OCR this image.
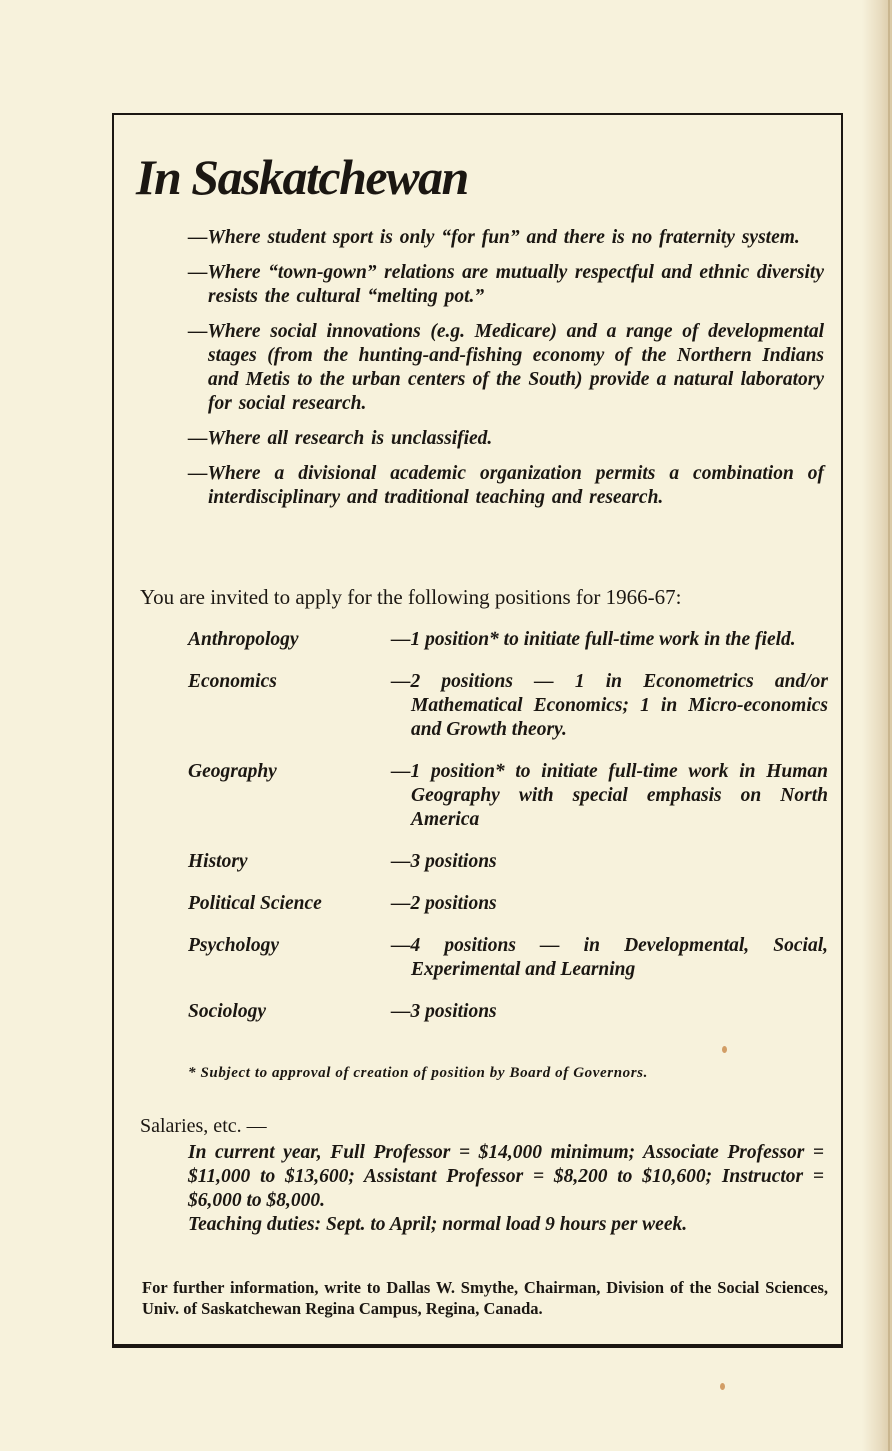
In Saskatchewan
—Where student sport is only “for fun” and there is no fraternity system.
—Where “town-gown” relations are mutually respectful and ethnic diversity resists the cultural “melting pot.”
—Where social innovations (e.g. Medicare) and a range of developmental stages (from the hunting-and-fishing economy of the Northern Indians and Metis to the urban centers of the South) provide a natural laboratory for social research.
—Where all research is unclassified.
—Where a divisional academic organization permits a combination of interdisciplinary and traditional teaching and research.
You are invited to apply for the following positions for 1966-67:
Anthropology	—1 position* to initiate full-time work in the field.
Economics	—2 positions — 1 in Econometrics and/or Mathematical Economics; 1 in Micro-economics and Growth theory.
Geography	—1 position* to initiate full-time work in Human Geography with special emphasis on North America
History	—3 positions
Political Science	—2 positions
Psychology	—4 positions — in Developmental, Social, Experimental and Learning
Sociology	—3 positions
* Subject to approval of creation of position by Board of Governors.
Salaries, etc. —

In current year, Full Professor = $14,000 minimum; Associate Professor = $11,000 to $13,600; Assistant Professor = $8,200 to $10,600; Instructor = $6,000 to $8,000.

Teaching duties: Sept. to April; normal load 9 hours per week.

For further information, write to Dallas W. Smythe, Chairman, Division of the Social Sciences, Univ. of Saskatchewan Regina Campus, Regina, Canada.
